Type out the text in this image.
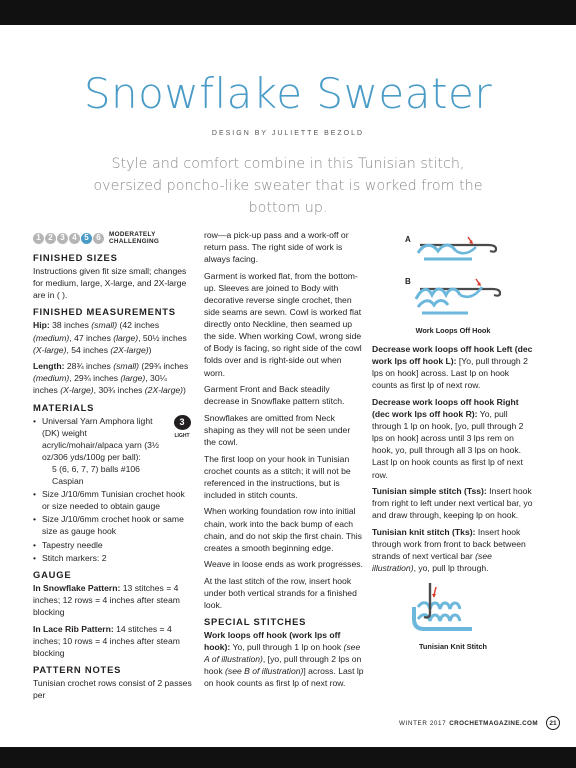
Snowflake Sweater
DESIGN BY JULIETTE BEZOLD
Style and comfort combine in this Tunisian stitch, oversized poncho-like sweater that is worked from the bottom up.
1 2 3 4 5 6	MODERATELY
CHALLENGING
FINISHED SIZES

Instructions given fit size small; changes for medium, large, X-large, and 2X-large are in ( ).

FINISHED MEASUREMENTS

Hip: 38 inches (small) (42 inches (medium), 47 inches (large), 50½ inches (X-large), 54 inches (2X-large))

Length: 28¾ inches (small) (29¾ inches (medium), 29¾ inches (large), 30¼ inches (X-large), 30¾ inches (2X-large))

MATERIALS
• Universal Yarn Amphora light (DK) weight acrylic/mohair/alpaca yarn (3½ oz/306 yds/100g per ball):
5 (6, 6, 7, 7) balls #106 Caspian
3
LIGHT
• Size J/10/6mm Tunisian crochet hook or size needed to obtain gauge
• Size J/10/6mm crochet hook or same size as gauge hook
• Tapestry needle
• Stitch markers: 2
GAUGE

In Snowflake Pattern: 13 stitches = 4 inches; 12 rows = 4 inches after steam blocking

In Lace Rib Pattern: 14 stitches = 4 inches; 10 rows = 4 inches after steam blocking

PATTERN NOTES

Tunisian crochet rows consist of 2 passes per

row—a pick-up pass and a work-off or return pass. The right side of work is always facing.

Garment is worked flat, from the bottom-up. Sleeves are joined to Body with decorative reverse single crochet, then side seams are sewn. Cowl is worked flat directly onto Neckline, then seamed up the side. When working Cowl, wrong side of Body is facing, so right side of the cowl folds over and is right-side out when worn.

Garment Front and Back steadily decrease in Snowflake pattern stitch.

Snowflakes are omitted from Neck shaping as they will not be seen under the cowl.

The first loop on your hook in Tunisian crochet counts as a stitch; it will not be referenced in the instructions, but is included in stitch counts.

When working foundation row into initial chain, work into the back bump of each chain, and do not skip the first chain. This creates a smooth beginning edge.

Weave in loose ends as work progresses.

At the last stitch of the row, insert hook under both vertical strands for a finished look.

SPECIAL STITCHES

Work loops off hook (work lps off hook): Yo, pull through 1 lp on hook (see A of illustration), [yo, pull through 2 lps on hook (see B of illustration)] across. Last lp on hook counts as first lp of next row.

A
B
Work Loops Off Hook

Decrease work loops off hook Left (dec work lps off hook L): [Yo, pull through 2 lps on hook] across. Last lp on hook counts as first lp of next row.

Decrease work loops off hook Right (dec work lps off hook R): Yo, pull through 1 lp on hook, [yo, pull through 2 lps on hook] across until 3 lps rem on hook, yo, pull through all 3 lps on hook. Last lp on hook counts as first lp of next row.

Tunisian simple stitch (Tss): Insert hook from right to left under next vertical bar, yo and draw through, keeping lp on hook.

Tunisian knit stitch (Tks): Insert hook through work from front to back between strands of next vertical bar (see illustration), yo, pull lp through.

Tunisian Knit Stitch
WINTER 2017 CROCHETMAGAZINE.COM	21
